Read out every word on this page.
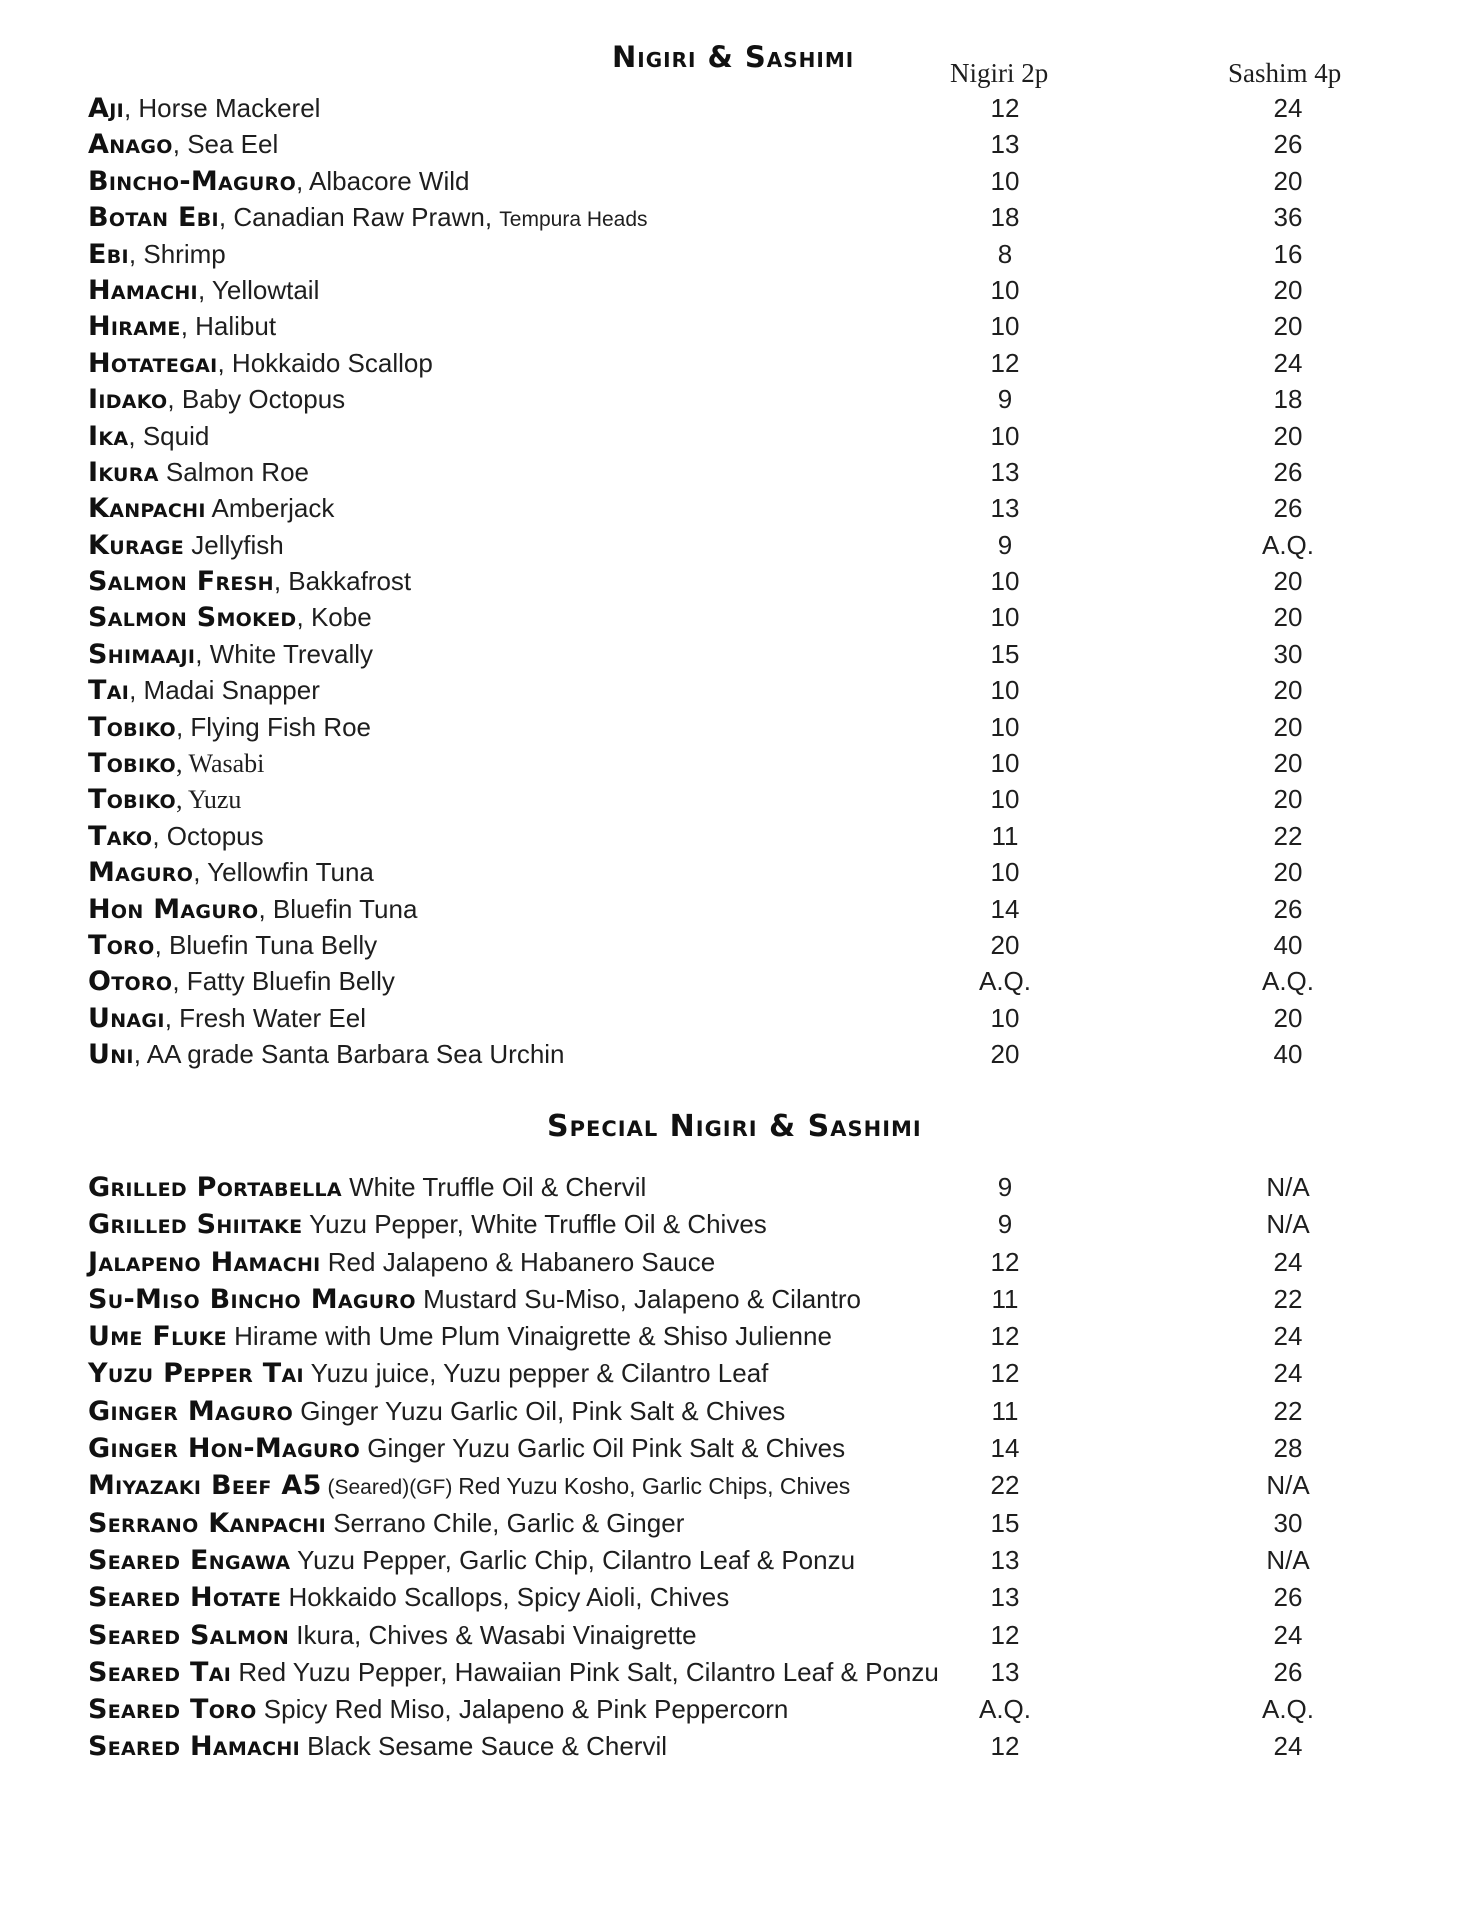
Nigiri & Sashimi	Nigiri 2p	Sashim 4p
Aji, Horse Mackerel	12	24
Anago, Sea Eel	13	26
Bincho-Maguro, Albacore Wild	10	20
Botan Ebi, Canadian Raw Prawn, Tempura Heads	18	36
Ebi, Shrimp	8	16
Hamachi, Yellowtail	10	20
Hirame, Halibut	10	20
Hotategai, Hokkaido Scallop	12	24
Iidako, Baby Octopus	9	18
Ika, Squid	10	20
Ikura Salmon Roe	13	26
Kanpachi Amberjack	13	26
Kurage Jellyfish	9	A.Q.
Salmon Fresh, Bakkafrost	10	20
Salmon Smoked, Kobe	10	20
Shimaaji, White Trevally	15	30
Tai, Madai Snapper	10	20
Tobiko, Flying Fish Roe	10	20
Tobiko, Wasabi	10	20
Tobiko, Yuzu	10	20
Tako, Octopus	11	22
Maguro, Yellowfin Tuna	10	20
Hon Maguro, Bluefin Tuna	14	26
Toro, Bluefin Tuna Belly	20	40
Otoro, Fatty Bluefin Belly	A.Q.	A.Q.
Unagi, Fresh Water Eel	10	20
Uni, AA grade Santa Barbara Sea Urchin	20	40
Special Nigiri & Sashimi
Grilled Portabella White Truffle Oil & Chervil	9	N/A
Grilled Shiitake Yuzu Pepper, White Truffle Oil & Chives	9	N/A
Jalapeno Hamachi Red Jalapeno & Habanero Sauce	12	24
Su-Miso Bincho Maguro Mustard Su-Miso, Jalapeno & Cilantro	11	22
Ume Fluke Hirame with Ume Plum Vinaigrette & Shiso Julienne	12	24
Yuzu Pepper Tai Yuzu juice, Yuzu pepper & Cilantro Leaf	12	24
Ginger Maguro Ginger Yuzu Garlic Oil, Pink Salt & Chives	11	22
Ginger Hon-Maguro Ginger Yuzu Garlic Oil Pink Salt & Chives	14	28
Miyazaki Beef A5 (Seared)(GF) Red Yuzu Kosho, Garlic Chips, Chives	22	N/A
Serrano Kanpachi Serrano Chile, Garlic & Ginger	15	30
Seared Engawa Yuzu Pepper, Garlic Chip, Cilantro Leaf & Ponzu	13	N/A
Seared Hotate Hokkaido Scallops, Spicy Aioli, Chives	13	26
Seared Salmon Ikura, Chives & Wasabi Vinaigrette	12	24
Seared Tai Red Yuzu Pepper, Hawaiian Pink Salt, Cilantro Leaf & Ponzu	13	26
Seared Toro Spicy Red Miso, Jalapeno & Pink Peppercorn	A.Q.	A.Q.
Seared Hamachi Black Sesame Sauce & Chervil	12	24
